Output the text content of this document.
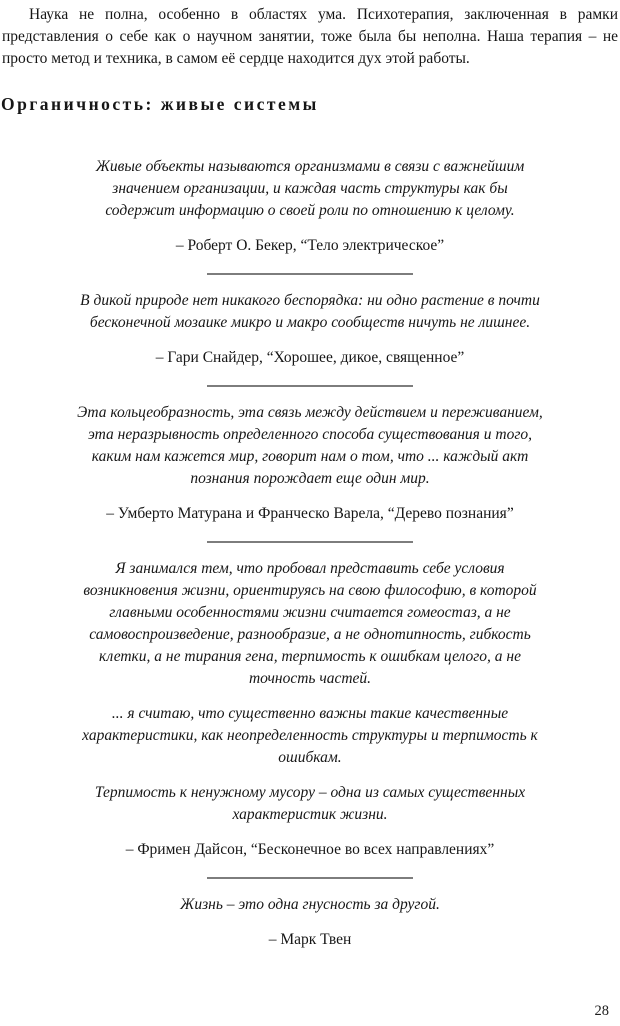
Наука не полна, особенно в областях ума. Психотерапия, заключенная в рамки представления о себе как о научном занятии, тоже была бы неполна. Наша терапия – не просто метод и техника, в самом её сердце находится дух этой работы.

Органичность: живые системы

Живые объекты называются организмами в связи с важнейшим значением организации, и каждая часть структуры как бы содержит информацию о своей роли по отношению к целому.

– Роберт О. Бекер, “Тело электрическое”

В дикой природе нет никакого беспорядка: ни одно растение в почти бесконечной мозаике микро и макро сообществ ничуть не лишнее.

– Гари Снайдер, “Хорошее, дикое, священное”

Эта кольцеобразность, эта связь между действием и переживанием, эта неразрывность определенного способа существования и того, каким нам кажется мир, говорит нам о том, что ... каждый акт познания порождает еще один мир.

– Умберто Матурана и Франческо Варела, “Дерево познания”

Я занимался тем, что пробовал представить себе условия возникновения жизни, ориентируясь на свою философию, в которой главными особенностями жизни считается гомеостаз, а не самовоспроизведение, разнообразие, а не однотипность, гибкость клетки, а не тирания гена, терпимость к ошибкам целого, а не точность частей.

... я считаю, что существенно важны такие качественные характеристики, как неопределенность структуры и терпимость к ошибкам.

Терпимость к ненужному мусору – одна из самых существенных характеристик жизни.

– Фримен Дайсон, “Бесконечное во всех направлениях”

Жизнь – это одна гнусность за другой.

– Марк Твен

28
